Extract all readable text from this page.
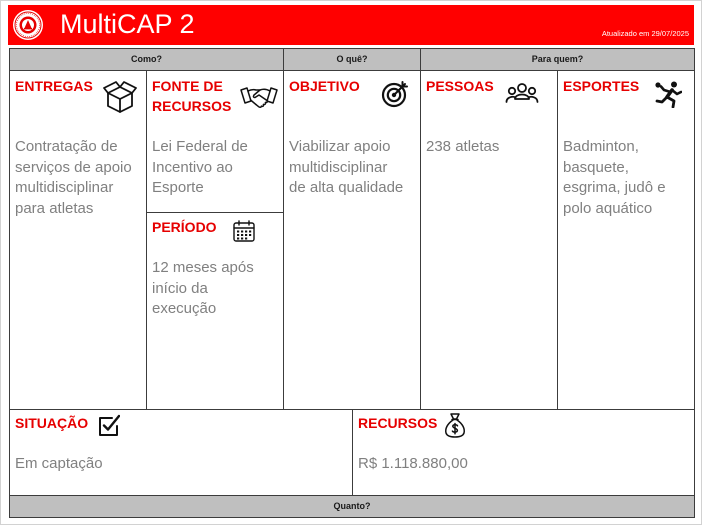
MultiCAP 2	Atualizado em 29/07/2025
Como?	O quê?	Para quem?
ENTREGAS
Contratação de
serviços de apoio
multidisciplinar
para atletas
FONTE DE
RECURSOS
Lei Federal de
Incentivo ao
Esporte
PERÍODO
12 meses após
início da
execução
OBJETIVO
Viabilizar apoio
multidisciplinar
de alta qualidade
PESSOAS
238 atletas
ESPORTES
Badminton,
basquete,
esgrima, judô e
polo aquático
SITUAÇÃO
Em captação
RECURSOS
R$ 1.118.880,00
Quanto?
